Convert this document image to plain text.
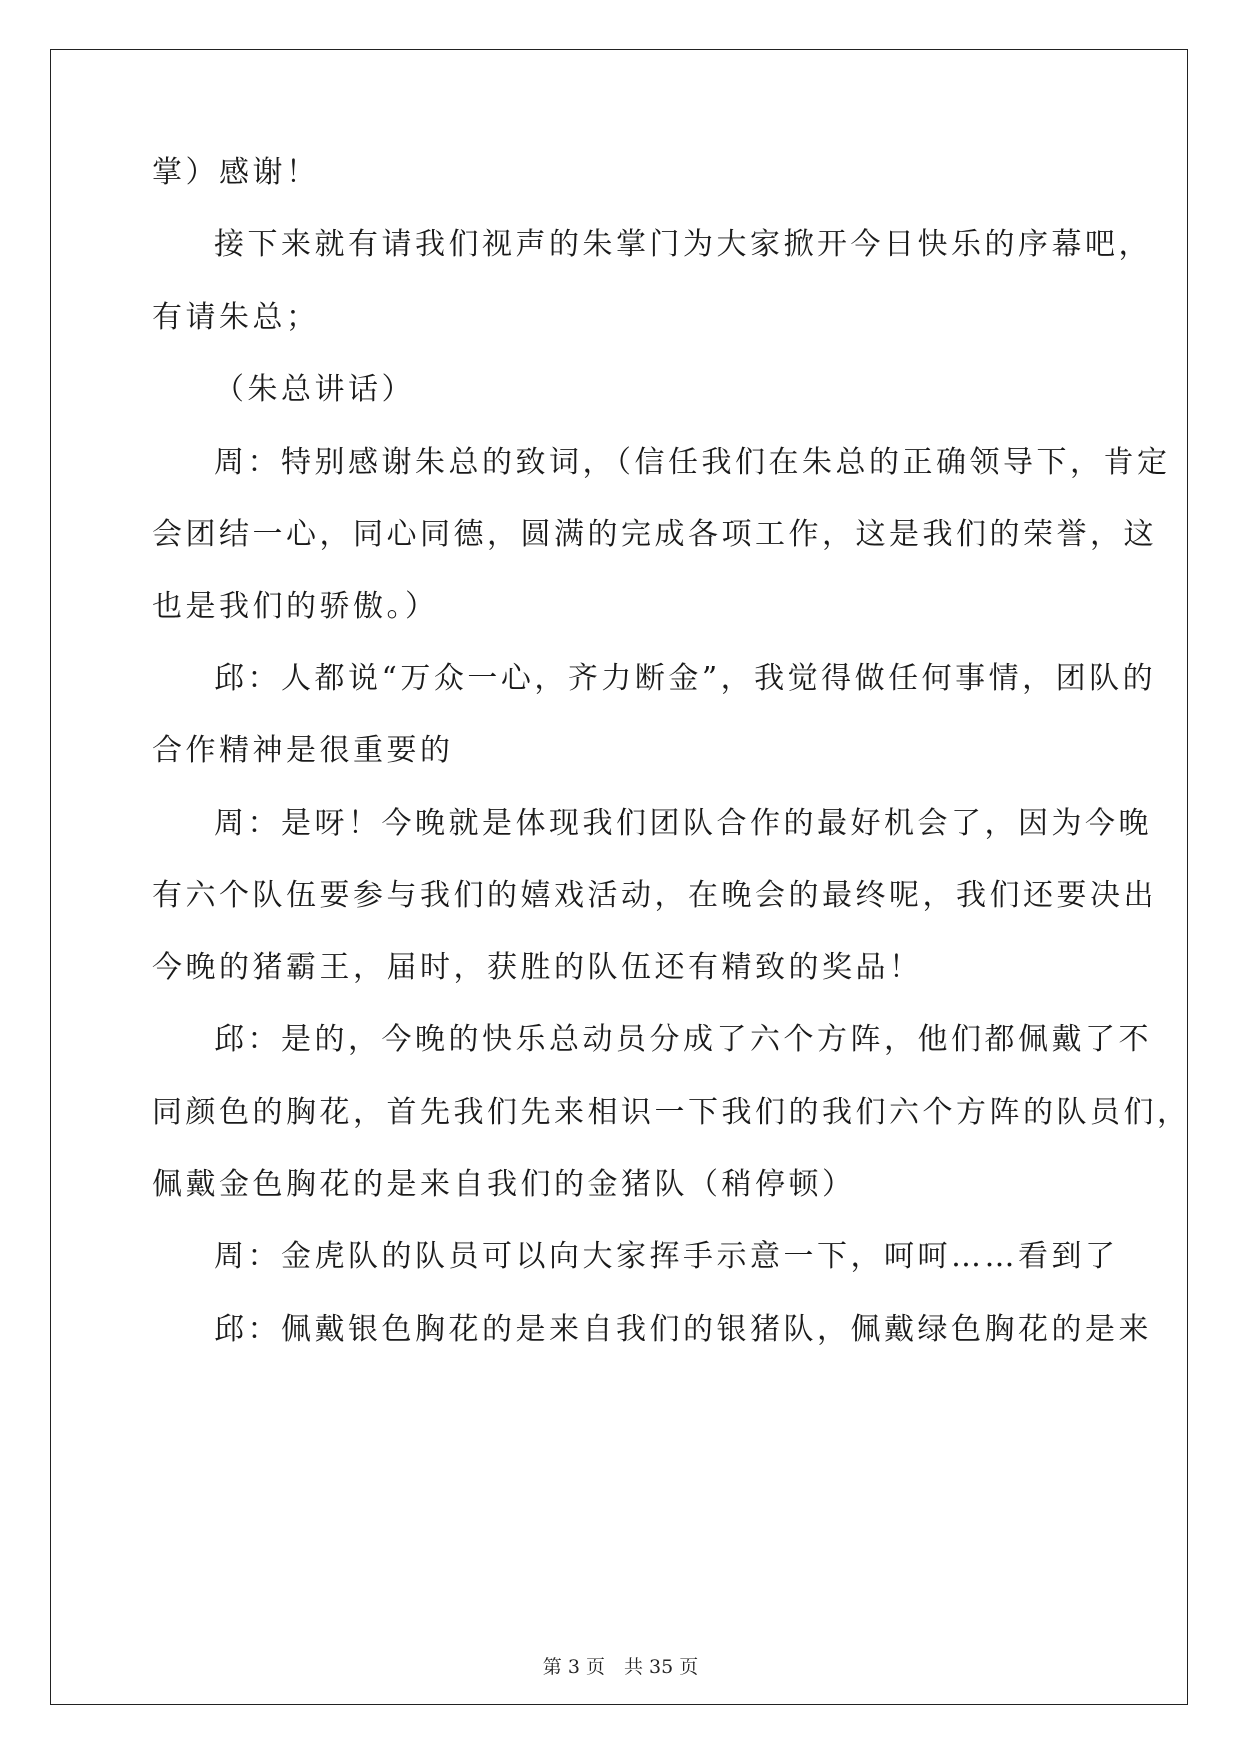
掌）感谢！
接下来就有请我们视声的朱掌门为大家掀开今日快乐的序幕吧，
有请朱总；
（朱总讲话）
周：特别感谢朱总的致词，（信任我们在朱总的正确领导下，肯定
会团结一心，同心同德，圆满的完成各项工作，这是我们的荣誉，这
也是我们的骄傲。）
邱：人都说“万众一心，齐力断金”，我觉得做任何事情，团队的
合作精神是很重要的
周：是呀！今晚就是体现我们团队合作的最好机会了，因为今晚
有六个队伍要参与我们的嬉戏活动，在晚会的最终呢，我们还要决出
今晚的猪霸王，届时，获胜的队伍还有精致的奖品！
邱：是的，今晚的快乐总动员分成了六个方阵，他们都佩戴了不
同颜色的胸花，首先我们先来相识一下我们的我们六个方阵的队员们，
佩戴金色胸花的是来自我们的金猪队（稍停顿）
周：金虎队的队员可以向大家挥手示意一下，呵呵……看到了
邱：佩戴银色胸花的是来自我们的银猪队，佩戴绿色胸花的是来
第 3 页　共 35 页
